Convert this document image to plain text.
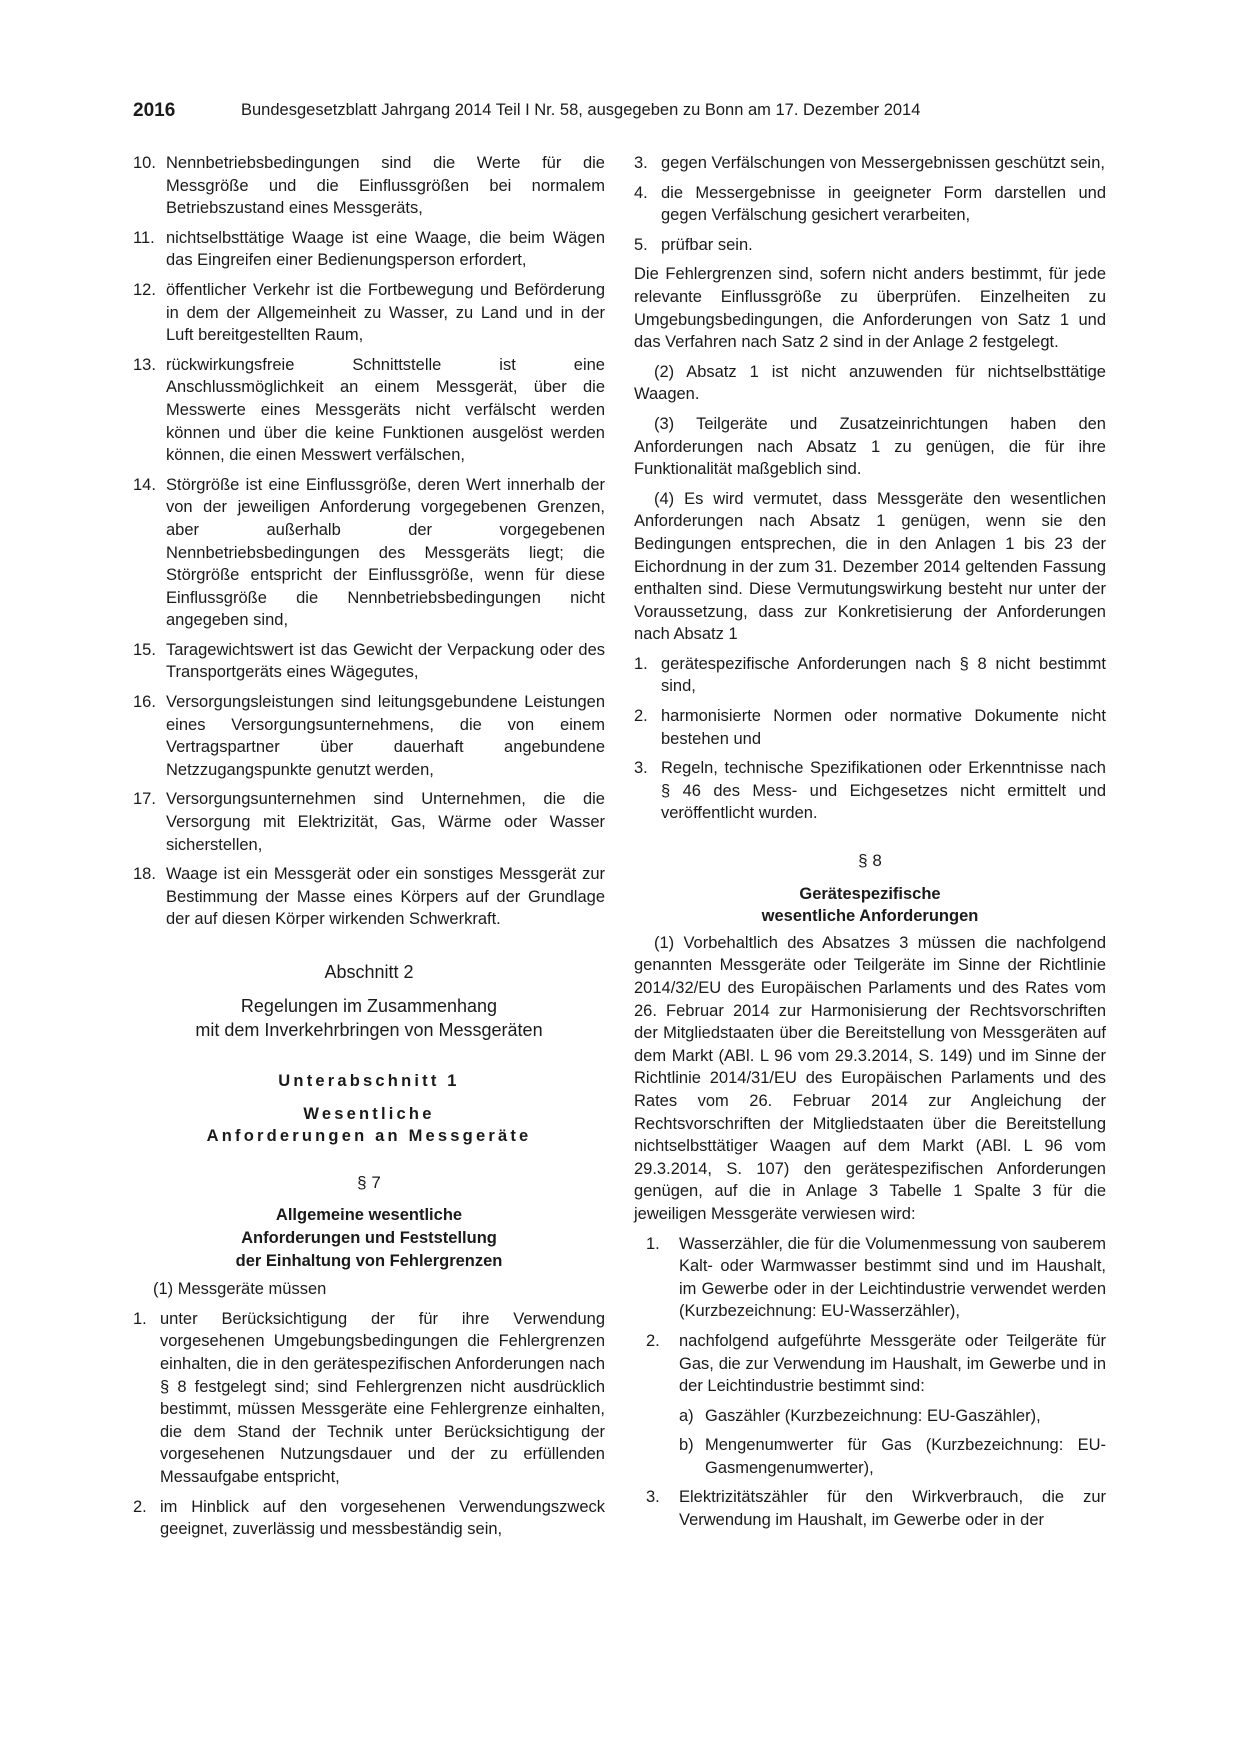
2016	Bundesgesetzblatt Jahrgang 2014 Teil I Nr. 58, ausgegeben zu Bonn am 17. Dezember 2014
10. Nennbetriebsbedingungen sind die Werte für die Messgröße und die Einflussgrößen bei normalem Betriebszustand eines Messgeräts,
11. nichtselbsttätige Waage ist eine Waage, die beim Wägen das Eingreifen einer Bedienungsperson erfordert,
12. öffentlicher Verkehr ist die Fortbewegung und Beförderung in dem der Allgemeinheit zu Wasser, zu Land und in der Luft bereitgestellten Raum,
13. rückwirkungsfreie Schnittstelle ist eine Anschlussmöglichkeit an einem Messgerät, über die Messwerte eines Messgeräts nicht verfälscht werden können und über die keine Funktionen ausgelöst werden können, die einen Messwert verfälschen,
14. Störgröße ist eine Einflussgröße, deren Wert innerhalb der von der jeweiligen Anforderung vorgegebenen Grenzen, aber außerhalb der vorgegebenen Nennbetriebsbedingungen des Messgeräts liegt; die Störgröße entspricht der Einflussgröße, wenn für diese Einflussgröße die Nennbetriebsbedingungen nicht angegeben sind,
15. Taragewichtswert ist das Gewicht der Verpackung oder des Transportgeräts eines Wägegutes,
16. Versorgungsleistungen sind leitungsgebundene Leistungen eines Versorgungsunternehmens, die von einem Vertragspartner über dauerhaft angebundene Netzzugangspunkte genutzt werden,
17. Versorgungsunternehmen sind Unternehmen, die die Versorgung mit Elektrizität, Gas, Wärme oder Wasser sicherstellen,
18. Waage ist ein Messgerät oder ein sonstiges Messgerät zur Bestimmung der Masse eines Körpers auf der Grundlage der auf diesen Körper wirkenden Schwerkraft.

Abschnitt 2

Regelungen im Zusammenhang

mit dem Inverkehrbringen von Messgeräten

Unterabschnitt 1

Wesentliche

Anforderungen an Messgeräte

§ 7

Allgemeine wesentliche

Anforderungen und Feststellung

der Einhaltung von Fehlergrenzen

(1) Messgeräte müssen

1. unter Berücksichtigung der für ihre Verwendung vorgesehenen Umgebungsbedingungen die Fehlergrenzen einhalten, die in den gerätespezifischen Anforderungen nach § 8 festgelegt sind; sind Fehlergrenzen nicht ausdrücklich bestimmt, müssen Messgeräte eine Fehlergrenze einhalten, die dem Stand der Technik unter Berücksichtigung der vorgesehenen Nutzungsdauer und der zu erfüllenden Messaufgabe entspricht,
2. im Hinblick auf den vorgesehenen Verwendungszweck geeignet, zuverlässig und messbeständig sein,
3. gegen Verfälschungen von Messergebnissen geschützt sein,
4. die Messergebnisse in geeigneter Form darstellen und gegen Verfälschung gesichert verarbeiten,
5. prüfbar sein.

Die Fehlergrenzen sind, sofern nicht anders bestimmt, für jede relevante Einflussgröße zu überprüfen. Einzelheiten zu Umgebungsbedingungen, die Anforderungen von Satz 1 und das Verfahren nach Satz 2 sind in der Anlage 2 festgelegt.

(2) Absatz 1 ist nicht anzuwenden für nichtselbsttätige Waagen.

(3) Teilgeräte und Zusatzeinrichtungen haben den Anforderungen nach Absatz 1 zu genügen, die für ihre Funktionalität maßgeblich sind.

(4) Es wird vermutet, dass Messgeräte den wesentlichen Anforderungen nach Absatz 1 genügen, wenn sie den Bedingungen entsprechen, die in den Anlagen 1 bis 23 der Eichordnung in der zum 31. Dezember 2014 geltenden Fassung enthalten sind. Diese Vermutungswirkung besteht nur unter der Voraussetzung, dass zur Konkretisierung der Anforderungen nach Absatz 1

1. gerätespezifische Anforderungen nach § 8 nicht bestimmt sind,
2. harmonisierte Normen oder normative Dokumente nicht bestehen und
3. Regeln, technische Spezifikationen oder Erkenntnisse nach § 46 des Mess- und Eichgesetzes nicht ermittelt und veröffentlicht wurden.

§ 8

Gerätespezifische

wesentliche Anforderungen

(1) Vorbehaltlich des Absatzes 3 müssen die nachfolgend genannten Messgeräte oder Teilgeräte im Sinne der Richtlinie 2014/32/EU des Europäischen Parlaments und des Rates vom 26. Februar 2014 zur Harmonisierung der Rechtsvorschriften der Mitgliedstaaten über die Bereitstellung von Messgeräten auf dem Markt (ABl. L 96 vom 29.3.2014, S. 149) und im Sinne der Richtlinie 2014/31/EU des Europäischen Parlaments und des Rates vom 26. Februar 2014 zur Angleichung der Rechtsvorschriften der Mitgliedstaaten über die Bereitstellung nichtselbsttätiger Waagen auf dem Markt (ABl. L 96 vom 29.3.2014, S. 107) den gerätespezifischen Anforderungen genügen, auf die in Anlage 3 Tabelle 1 Spalte 3 für die jeweiligen Messgeräte verwiesen wird:

1.	Wasserzähler, die für die Volumenmessung von sauberem Kalt- oder Warmwasser bestimmt sind und im Haushalt, im Gewerbe oder in der Leichtindustrie verwendet werden (Kurzbezeichnung: EU-Wasserzähler),
2.	nachfolgend aufgeführte Messgeräte oder Teilgeräte für Gas, die zur Verwendung im Haushalt, im Gewerbe und in der Leichtindustrie bestimmt sind:
a) Gaszähler (Kurzbezeichnung: EU-Gaszähler),
b) Mengenumwerter für Gas (Kurzbezeichnung: EU-Gasmengenumwerter),
3.	Elektrizitätszähler für den Wirkverbrauch, die zur Verwendung im Haushalt, im Gewerbe oder in der
